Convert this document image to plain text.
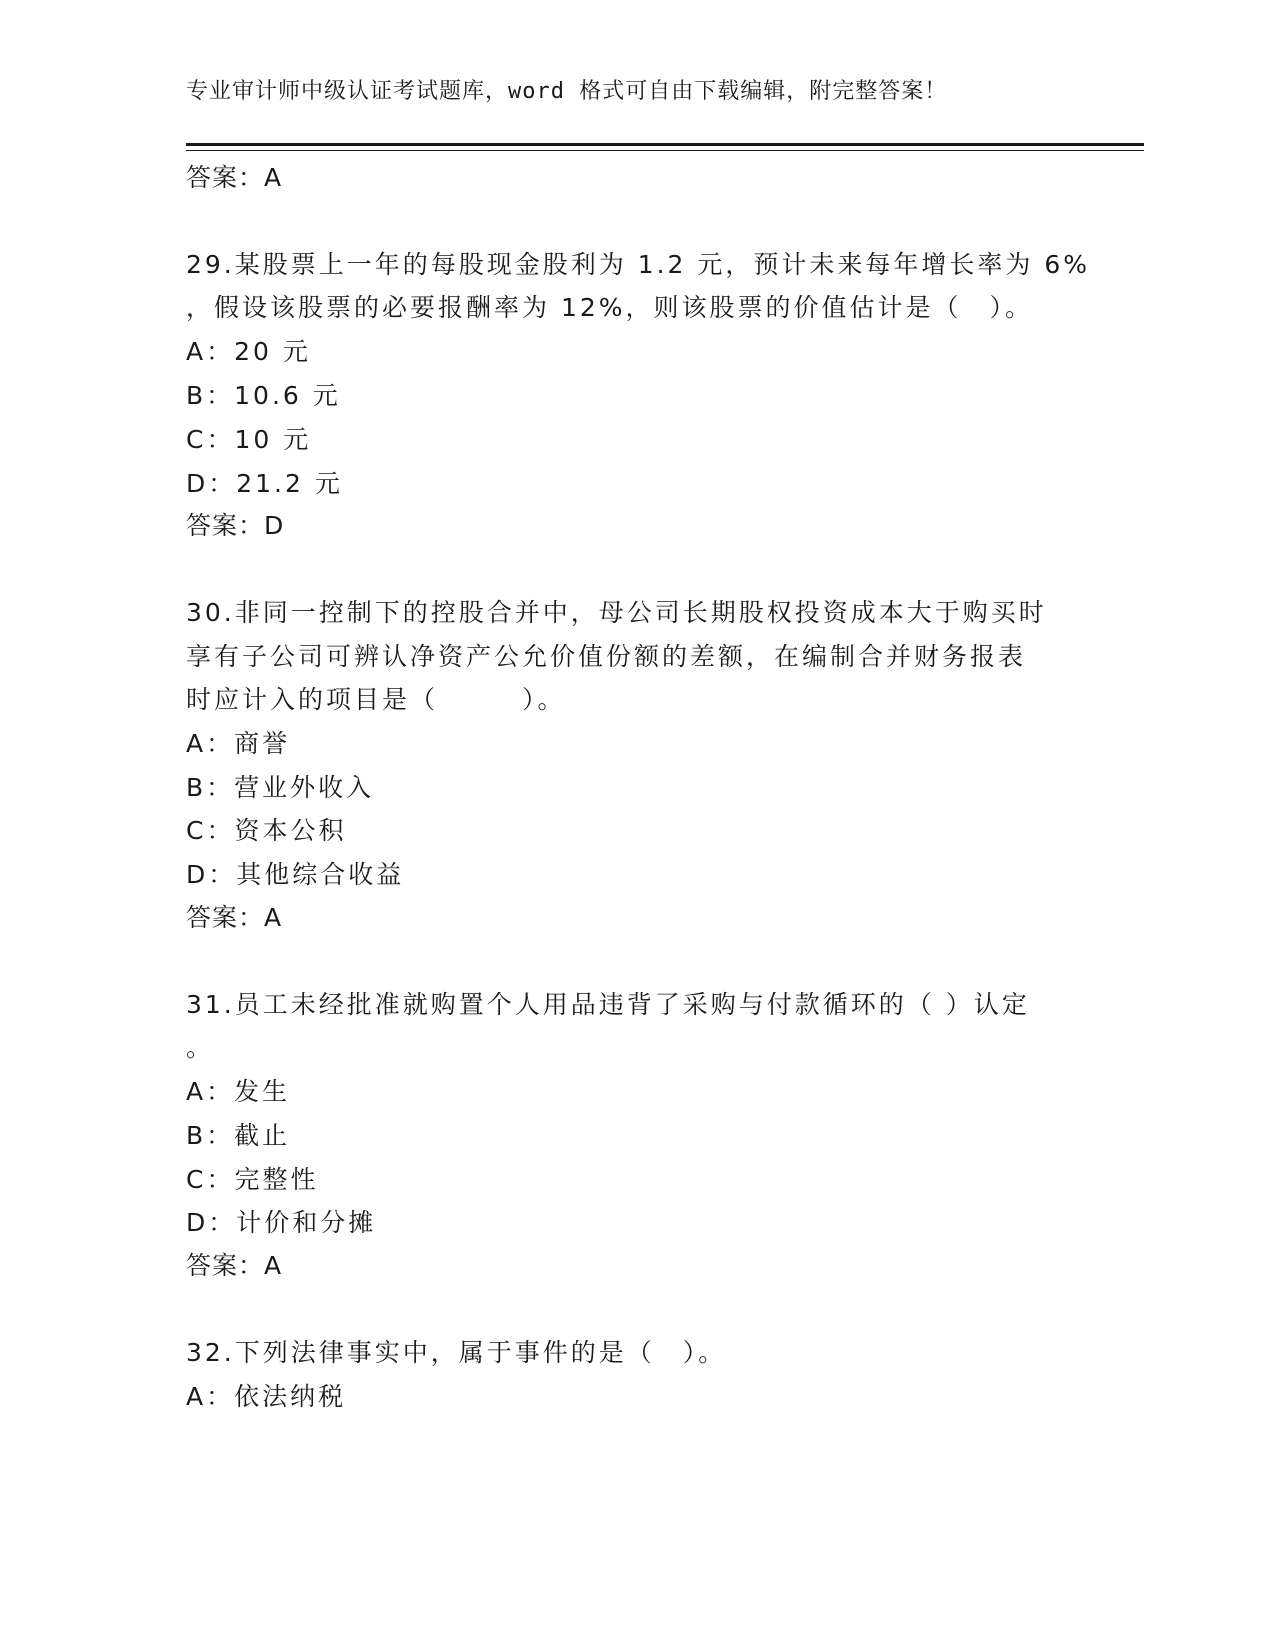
专业审计师中级认证考试题库，word 格式可自由下载编辑，附完整答案！
答案：A
29.某股票上一年的每股现金股利为 1.2 元，预计未来每年增长率为 6%
，假设该股票的必要报酬率为 12%，则该股票的价值估计是（　）。
A：20 元
B：10.6 元
C：10 元
D：21.2 元
答案：D
30.非同一控制下的控股合并中，母公司长期股权投资成本大于购买时
享有子公司可辨认净资产公允价值份额的差额，在编制合并财务报表
时应计入的项目是（　　　）。
A：商誉
B：营业外收入
C：资本公积
D：其他综合收益
答案：A
31.员工未经批准就购置个人用品违背了采购与付款循环的（ ）认定
。
A：发生
B：截止
C：完整性
D：计价和分摊
答案：A
32.下列法律事实中，属于事件的是（　）。
A：依法纳税
